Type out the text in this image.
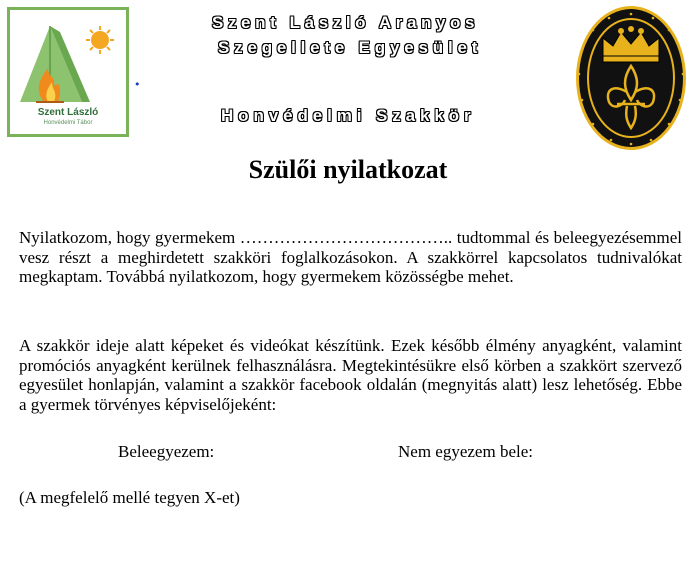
Szent László
Honvédelmi Tábor
•
Szent László Aranyos
Szegellete Egyesület
Honvédelmi Szakkör
Szülői nyilatkozat

Nyilatkozom, hogy gyermekem ……………………………….. tudtommal és beleegyezésemmel vesz részt a meghirdetett szakköri foglalkozásokon. A szakkörrel kapcsolatos tudnivalókat megkaptam. Továbbá nyilatkozom, hogy gyermekem közösségbe mehet.

A szakkör ideje alatt képeket és videókat készítünk. Ezek később élmény anyagként, valamint promóciós anyagként kerülnek felhasználásra. Megtekintésükre első körben a szakkört szervező egyesület honlapján, valamint a szakkör facebook oldalán (megnyitás alatt) lesz lehetőség. Ebbe a gyermek törvényes képviselőjeként:

Beleegyezem:	Nem egyezem bele:
(A megfelelő mellé tegyen X-et)
